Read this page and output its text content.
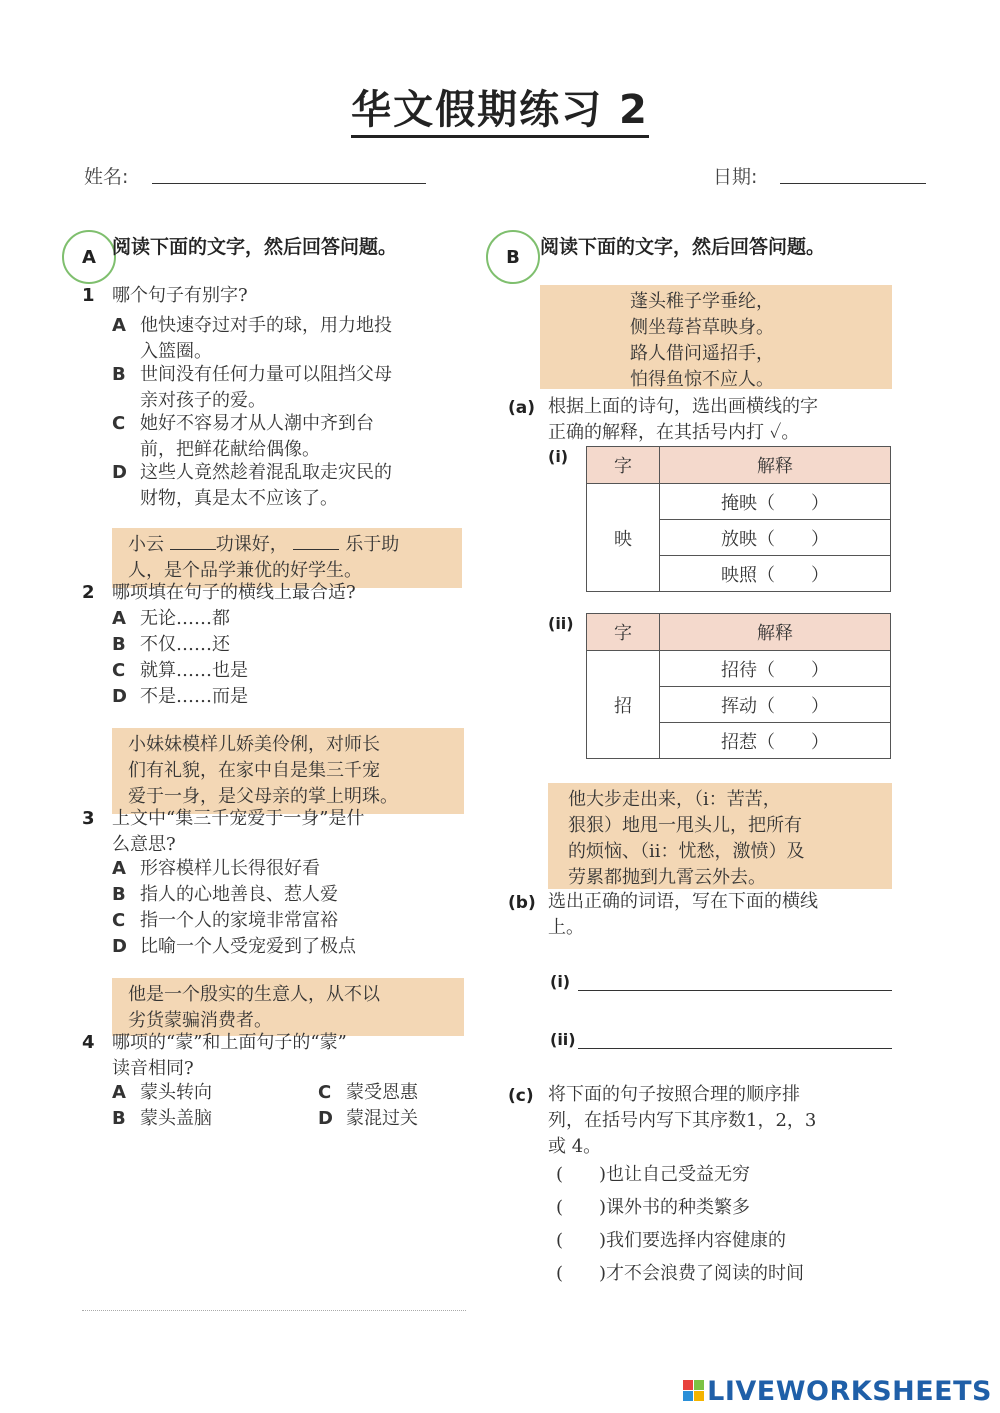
华文假期练习 2
姓名:	日期:
A 阅读下面的文字，然后回答问题。
1 哪个句子有别字?
A 他快速夺过对手的球，用力地投
入篮圈。
B 世间没有任何力量可以阻挡父母
亲对孩子的爱。
C 她好不容易才从人潮中齐到台
前，把鲜花献给偶像。
D 这些人竟然趁着混乱取走灾民的
财物，真是太不应该了。
小云	功课好，	乐于助
人，是个品学兼优的好学生。
2 哪项填在句子的横线上最合适?
A 无论……都
B 不仅……还
C 就算……也是
D 不是……而是
小妹妹模样儿娇美伶俐，对师长
们有礼貌，在家中自是集三千宠
爱于一身，是父母亲的掌上明珠。
3 上文中“集三千宠爱于一身”是什
么意思?
A 形容模样儿长得很好看
B 指人的心地善良、惹人爱
C 指一个人的家境非常富裕
D 比喻一个人受宠爱到了极点
他是一个殷实的生意人，从不以
劣货蒙骗消费者。
4 哪项的“蒙”和上面句子的“蒙”
读音相同?
A 蒙头转向	C 蒙受恩惠
B 蒙头盖脑	D 蒙混过关
B	阅读下面的文字，然后回答问题。
蓬头稚子学垂纶，
侧坐莓苔草映身。
路人借问遥招手，
怕得鱼惊不应人。
(a) 根据上面的诗句，选出画横线的字
正确的解释，在其括号内打 ✓。
(i)	字	解释
映	掩映（　　）
	放映（　　）
	映照（　　）
(ii) 字	解释
招	招待（　　）
	挥动（　　）
	招惹（　　）
他大步走出来，（i：苦苦，
狠狠）地甩一甩头儿，把所有
的烦恼、（ii：忧愁，激愤）及
劳累都抛到九霄云外去。
(b) 选出正确的词语，写在下面的横线
上。
(i)
(ii)
(c) 将下面的句子按照合理的顺序排
列，在括号内写下其序数1，2，3
或 4。
(　　)也让自己受益无穷
(　　)课外书的种类繁多
(　　)我们要选择内容健康的
(　　)才不会浪费了阅读的时间
LIVEWORKSHEETS
